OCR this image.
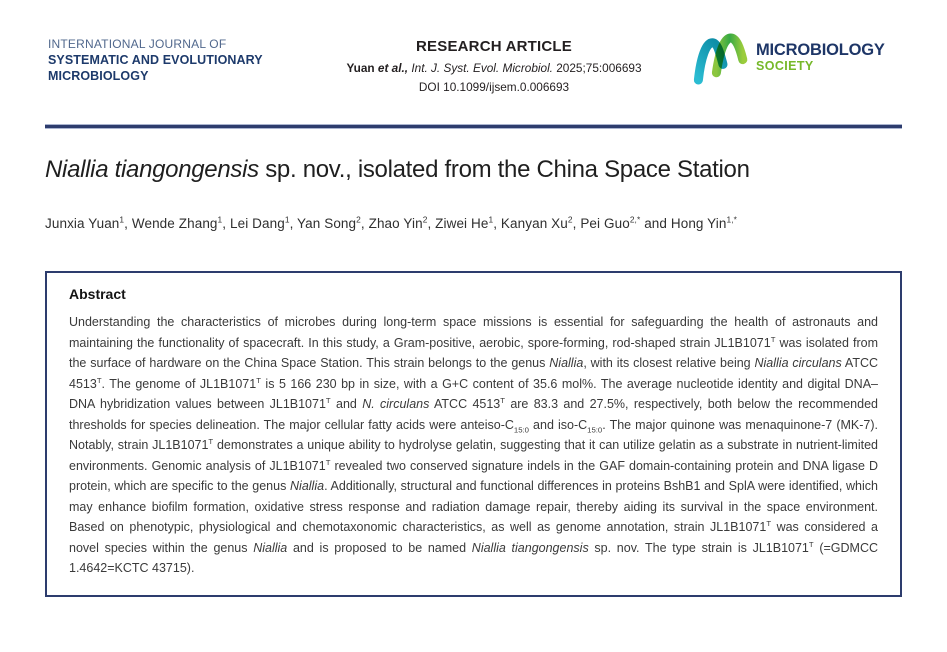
INTERNATIONAL JOURNAL OF
SYSTEMATIC AND EVOLUTIONARY
MICROBIOLOGY
RESEARCH ARTICLE
Yuan et al., Int. J. Syst. Evol. Microbiol. 2025;75:006693
DOI 10.1099/ijsem.0.006693
MICROBIOLOGY
SOCIETY
Niallia tiangongensis sp. nov., isolated from the China Space Station
Junxia Yuan$^1$, Wende Zhang$^1$, Lei Dang$^1$, Yan Song$^2$, Zhao Yin$^2$, Ziwei He$^1$, Kanyan Xu$^2$, Pei Guo$^{2,*}$ and Hong Yin$^{1,*}$
Abstract

Understanding the characteristics of microbes during long-term space missions is essential for safeguarding the health of astronauts and maintaining the functionality of spacecraft. In this study, a Gram-positive, aerobic, spore-forming, rod-shaped strain $JL1B1071^T$ was isolated from the surface of hardware on the China Space Station. This strain belongs to the genus Niallia, with its closest relative being Niallia circulans ATCC $4513^T$. The genome of $JL1B1071^T$ is 5 166 230 bp in size, with a G+C content of 35.6 mol%. The average nucleotide identity and digital DNA–DNA hybridization values between $JL1B1071^T$ and N. circulans ATCC $4513^T$ are 83.3 and 27.5%, respectively, both below the recommended thresholds for species delineation. The major cellular fatty acids were anteiso-$C_{15:0}$ and iso-$C_{15:0}$. The major quinone was menaquinone-7 (MK-7). Notably, strain $JL1B1071^T$ demonstrates a unique ability to hydrolyse gelatin, suggesting that it can utilize gelatin as a substrate in nutrient-limited environments. Genomic analysis of $JL1B1071^T$ revealed two conserved signature indels in the GAF domain-containing protein and DNA ligase D protein, which are specific to the genus Niallia. Additionally, structural and functional differences in proteins BshB1 and SplA were identified, which may enhance biofilm formation, oxidative stress response and radiation damage repair, thereby aiding its survival in the space environment. Based on phenotypic, physiological and chemotaxonomic characteristics, as well as genome annotation, strain $JL1B1071^T$ was considered a novel species within the genus Niallia and is proposed to be named Niallia tiangongensis sp. nov. The type strain is $JL1B1071^T$ (=GDMCC 1.4642=KCTC 43715).
